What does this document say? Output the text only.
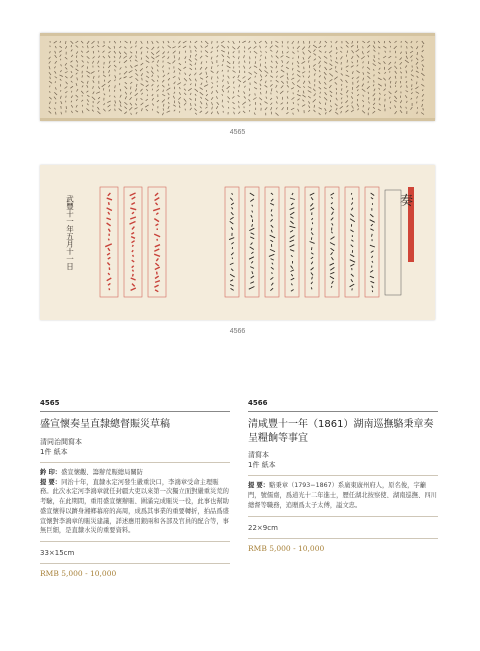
4565
武豐十一年五月十一日	奏
4566
4565
盛宣懷奏呈直隸總督賑災草稿
清同治間寫本
1件 紙本
鈐 印：盛宣懷觀、籌辦荒賑總局關防
提 要：同治十年，直隸永定河發生嚴重決口，李鴻章受命主理賑務。此次永定河李鴻章就任封疆大吏以來第一次獨立面對嚴重災荒的考驗，在此期間，重用盛宣懷辦賑、圍滿完成賑災一役，此事也幫助盛宣懷得以躋身湘鄉幕府的高周，成爲其事業的重要轉折，拍品爲盛宣懷對李鴻章的賑災建議，詳述應用銀兩和各部及官員的配合等，事無巨細，是直隸水災的重要資料。
33×15cm
RMB 5,000 - 10,000
4566
清咸豐十一年（1861）湖南巡撫駱秉章奏呈糧餉等事宜
清寫本
1件 紙本
提 要：駱秉章（1793−1867）系廣東廣州府人，原名俊，字籲門，號儒齋，爲道光十二年進士，歷任湖北按察使、湖南巡撫、四川總督等職務，追贈爲太子太傅，謚文忠。
22×9cm
RMB 5,000 - 10,000
